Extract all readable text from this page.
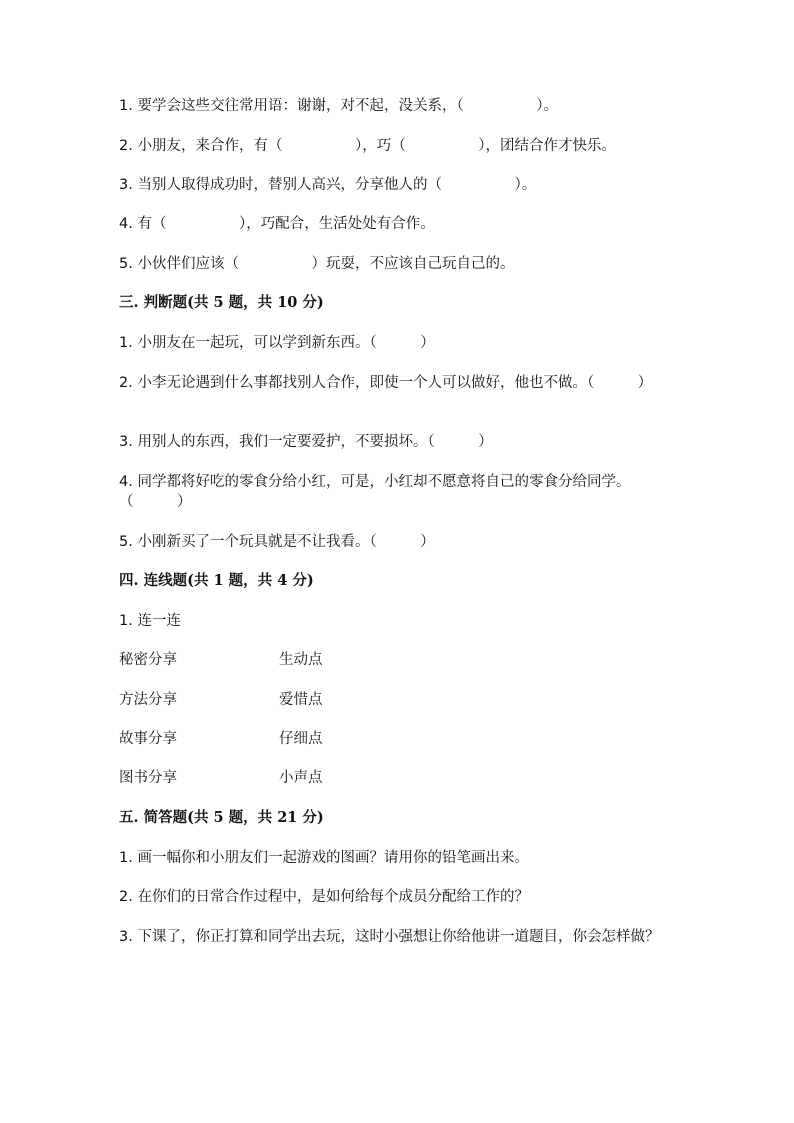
1. 要学会这些交往常用语：谢谢，对不起，没关系，（　　　　　）。
2. 小朋友，来合作，有（　　　　　），巧（　　　　　），团结合作才快乐。
3. 当别人取得成功时，替别人高兴，分享他人的（　　　　　）。
4. 有（　　　　　），巧配合，生活处处有合作。
5. 小伙伴们应该（　　　　　）玩耍，不应该自己玩自己的。
三. 判断题(共 5 题，共 10 分)
1. 小朋友在一起玩，可以学到新东西。（　　　）
2. 小李无论遇到什么事都找别人合作，即使一个人可以做好，他也不做。（　　　）
3. 用别人的东西，我们一定要爱护，不要损坏。（　　　）
4. 同学都将好吃的零食分给小红，可是，小红却不愿意将自己的零食分给同学。（　　　）
5. 小刚新买了一个玩具就是不让我看。（　　　）
四. 连线题(共 1 题，共 4 分)
1. 连一连
秘密分享	生动点
方法分享	爱惜点
故事分享	仔细点
图书分享	小声点
五. 简答题(共 5 题，共 21 分)
1. 画一幅你和小朋友们一起游戏的图画？请用你的铅笔画出来。
2. 在你们的日常合作过程中，是如何给每个成员分配给工作的？
3. 下课了，你正打算和同学出去玩，这时小强想让你给他讲一道题目，你会怎样做？
